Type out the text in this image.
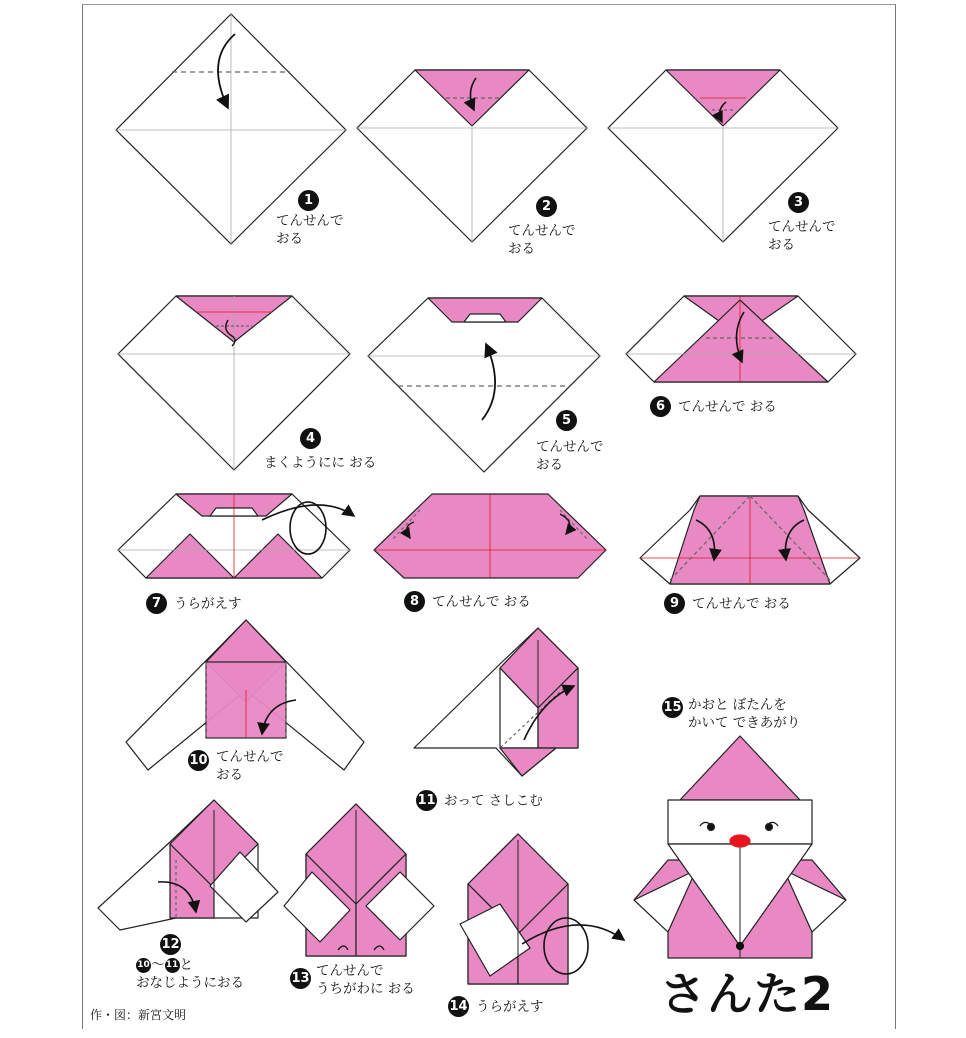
1
てんせんで
おる
2
てんせんで
おる
3
てんせんで
おる
4
まくようにに おる
5
てんせんで
おる
6 てんせんで おる
7 うらがえす	8 てんせんで おる	9 てんせんで おる
10 てんせんで
おる
11 おって さしこむ
12
10〜11と
おなじようにおる	13 てんせんで
うちがわに おる
14 うらがえす
15 かおと ぼたんを
かいて できあがり
さんた2
作・図：新宮文明
